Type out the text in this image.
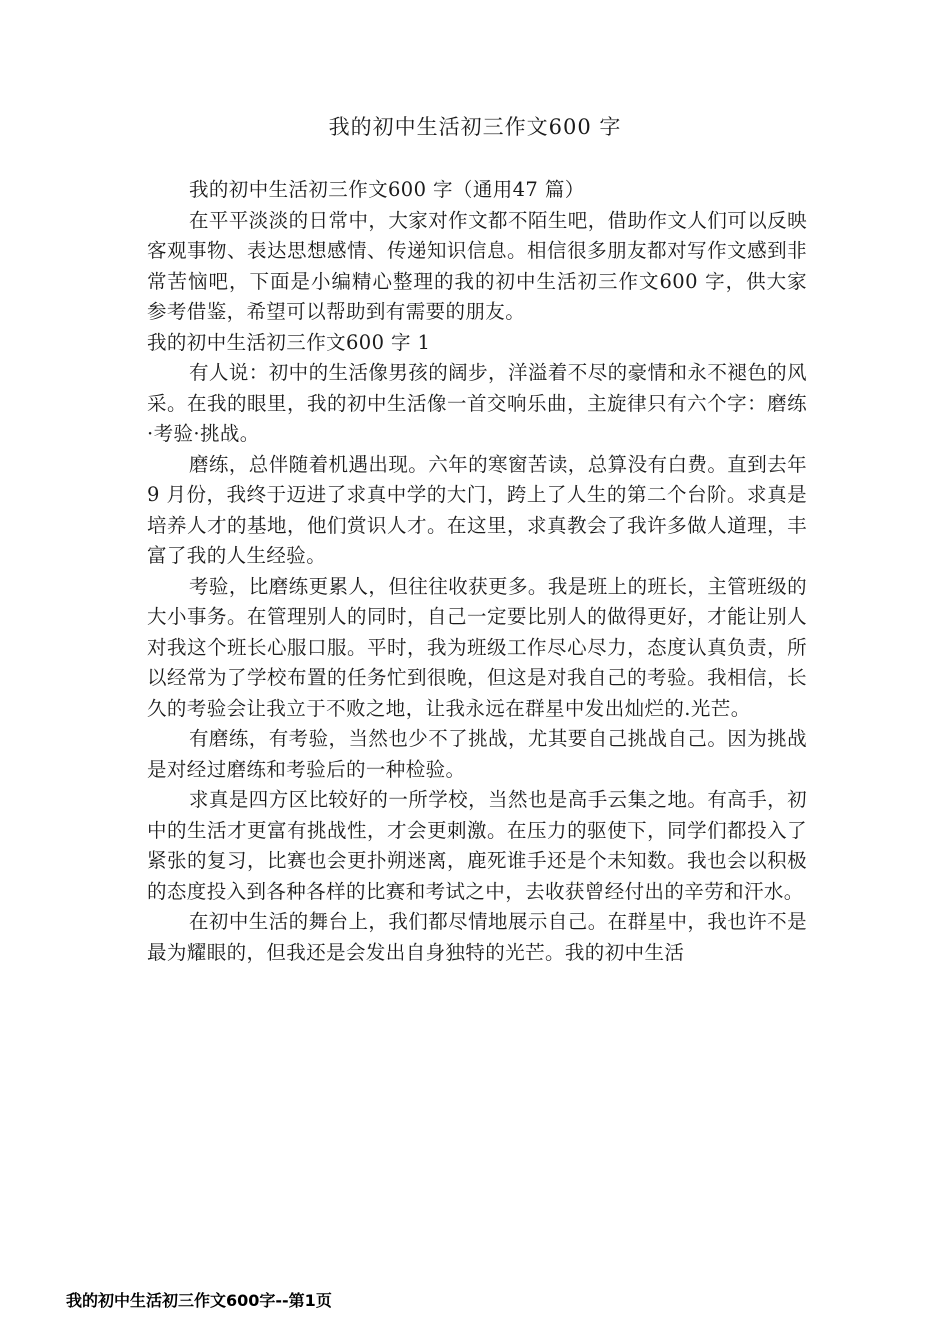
我的初中生活初三作文600 字

我的初中生活初三作文600 字（通用47 篇）

在平平淡淡的日常中，大家对作文都不陌生吧，借助作文人们可以反映客观事物、表达思想感情、传递知识信息。相信很多朋友都对写作文感到非常苦恼吧，下面是小编精心整理的我的初中生活初三作文600 字，供大家参考借鉴，希望可以帮助到有需要的朋友。

我的初中生活初三作文600 字 1

有人说：初中的生活像男孩的阔步，洋溢着不尽的豪情和永不褪色的风采。在我的眼里，我的初中生活像一首交响乐曲，主旋律只有六个字：磨练·考验·挑战。

磨练，总伴随着机遇出现。六年的寒窗苦读，总算没有白费。直到去年 9 月份，我终于迈进了求真中学的大门，跨上了人生的第二个台阶。求真是培养人才的基地，他们赏识人才。在这里，求真教会了我许多做人道理，丰富了我的人生经验。

考验，比磨练更累人，但往往收获更多。我是班上的班长，主管班级的大小事务。在管理别人的同时，自己一定要比别人的做得更好，才能让别人对我这个班长心服口服。平时，我为班级工作尽心尽力，态度认真负责，所以经常为了学校布置的任务忙到很晚，但这是对我自己的考验。我相信，长久的考验会让我立于不败之地，让我永远在群星中发出灿烂的.光芒。

有磨练，有考验，当然也少不了挑战，尤其要自己挑战自己。因为挑战是对经过磨练和考验后的一种检验。

求真是四方区比较好的一所学校，当然也是高手云集之地。有高手，初中的生活才更富有挑战性，才会更刺激。在压力的驱使下，同学们都投入了紧张的复习，比赛也会更扑朔迷离，鹿死谁手还是个未知数。我也会以积极的态度投入到各种各样的比赛和考试之中，去收获曾经付出的辛劳和汗水。

在初中生活的舞台上，我们都尽情地展示自己。在群星中，我也许不是最为耀眼的，但我还是会发出自身独特的光芒。我的初中生活

我的初中生活初三作文600字--第1页
